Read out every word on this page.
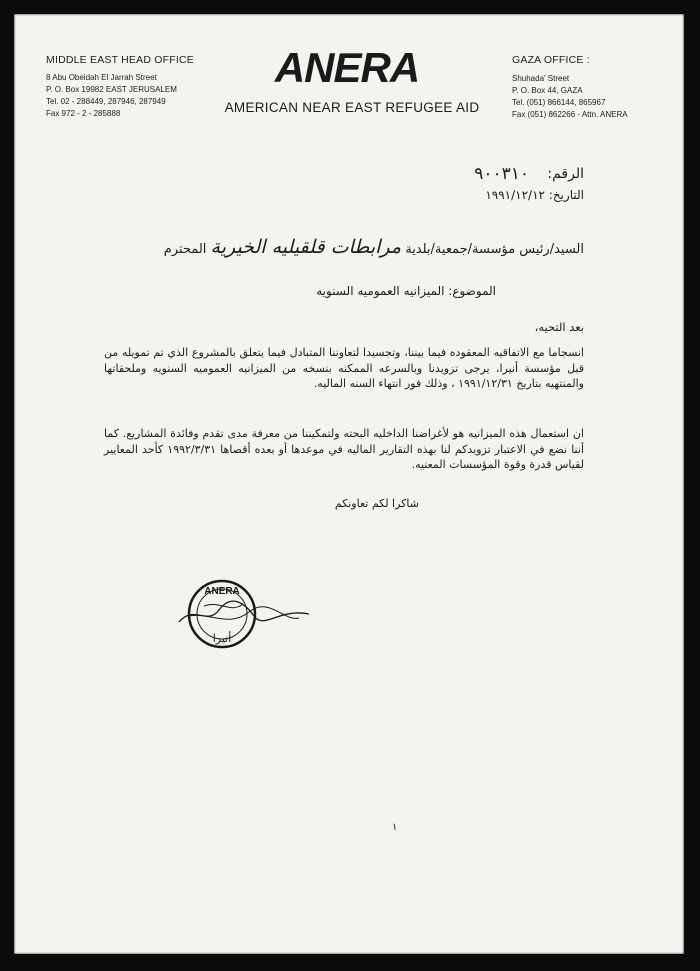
MIDDLE EAST HEAD OFFICE
8 Abu Obeidah El Jarrah Street
P. O. Box 19982 EAST JERUSALEM
Tel. 02 - 288449, 287946, 287949
Fax 972 - 2 - 285888
ANERA
AMERICAN NEAR EAST REFUGEE AID
GAZA OFFICE :
Shuhada' Street
P. O. Box 44, GAZA
Tel. (051) 866144, 865967
Fax (051) 862266 - Attn. ANERA
الرقم:
٩٠٠٣١٠
التاريخ: ١٩٩١/١٢/١٢
السيد/رئيس مؤسسة/جمعية/بلدية مرابطات قلقيليه الخيرية المحترم
الموضوع: الميزانيه العموميه السنويه
بعد التحيه،
انسجاما مع الاتفاقيه المعقوده فيما بيننا، وتجسيدا لتعاوننا المتبادل فيما يتعلق بالمشروع الذي تم تمويله من قبل مؤسسة أنيرا، يرجى تزويدنا وبالسرعه الممكنه بنسخه من الميزانيه العموميه السنويه وملحقاتها والمنتهيه بتاريخ ١٩٩١/١٢/٣١ ، وذلك فور انتهاء السنه الماليه.
ان استعمال هذه الميزانيه هو لأغراضنا الداخليه البحته ولتمكيننا من معرفة مدى تقدم وفائدة المشاريع. كما أننا نضع في الاعتبار تزويدكم لنا بهذه التقارير الماليه في موعدها أو بعده أقصاها ١٩٩٢/٣/٣١ كأحد المعايير لقياس قدرة وقوة المؤسسات المعنيه.
شاكرا لكم تعاونكم
ANERA
أنيرا
١
